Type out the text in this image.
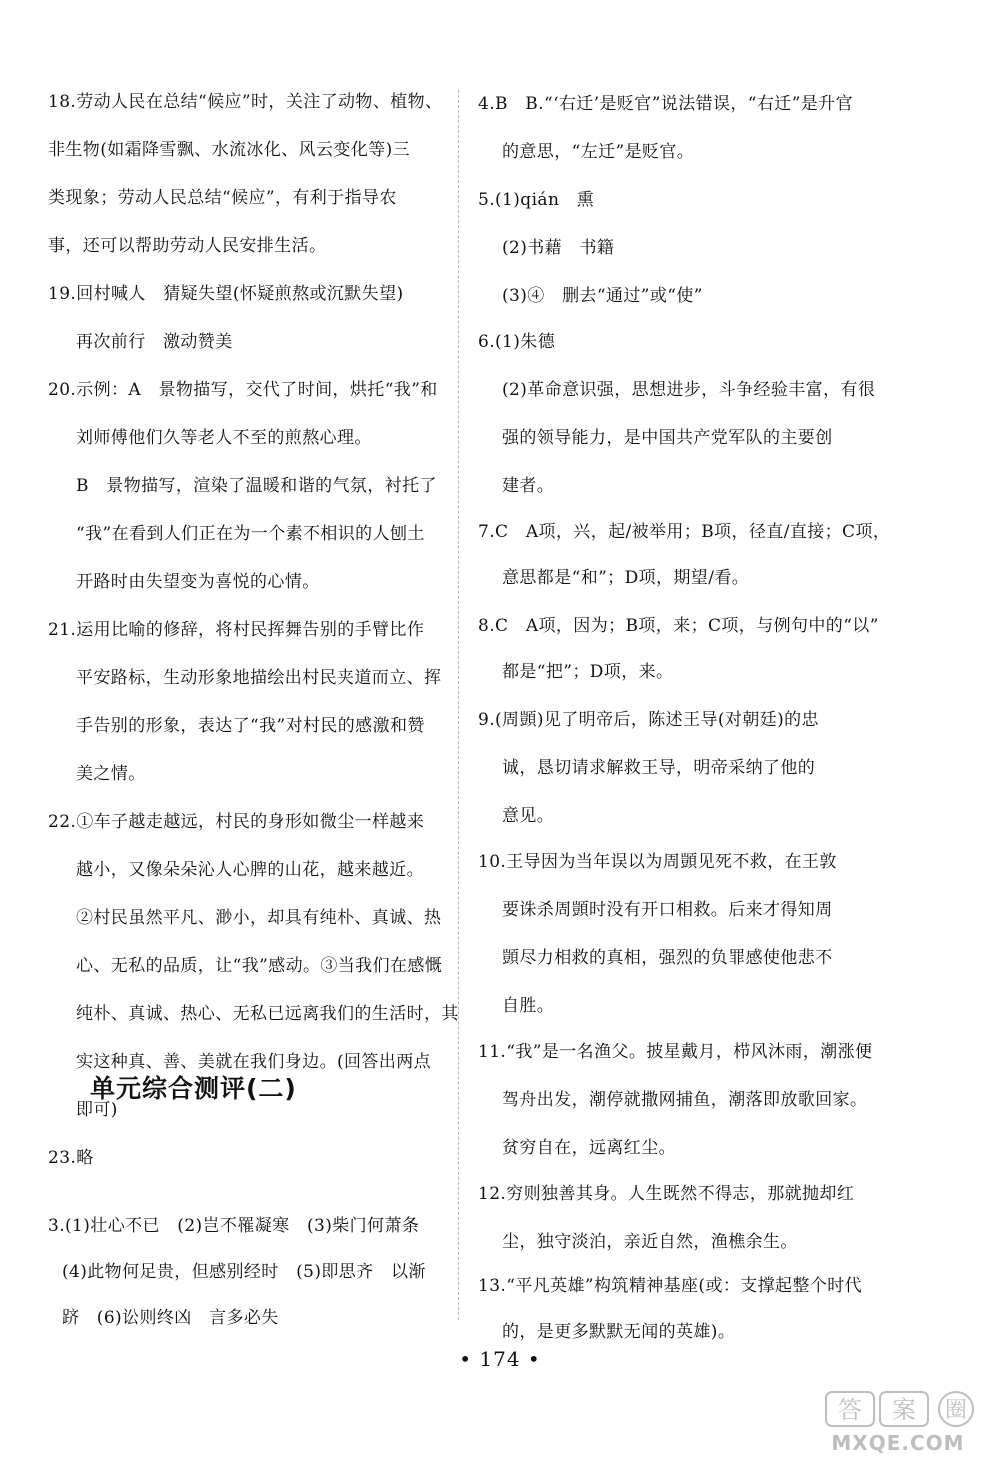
18.劳动人民在总结“候应”时，关注了动物、植物、
非生物(如霜降雪飘、水流冰化、风云变化等)三
类现象；劳动人民总结“候应”，有利于指导农
事，还可以帮助劳动人民安排生活。
19.回村喊人　猜疑失望(怀疑煎熬或沉默失望)
再次前行　激动赞美
20.示例：A　景物描写，交代了时间，烘托“我”和
刘师傅他们久等老人不至的煎熬心理。
B　景物描写，渲染了温暖和谐的气氛，衬托了
“我”在看到人们正在为一个素不相识的人刨土
开路时由失望变为喜悦的心情。
21.运用比喻的修辞，将村民挥舞告别的手臂比作
平安路标，生动形象地描绘出村民夹道而立、挥
手告别的形象，表达了“我”对村民的感激和赞
美之情。
22.①车子越走越远，村民的身形如微尘一样越来
越小，又像朵朵沁人心脾的山花，越来越近。
②村民虽然平凡、渺小，却具有纯朴、真诚、热
心、无私的品质，让“我”感动。③当我们在感慨
纯朴、真诚、热心、无私已远离我们的生活时，其
实这种真、善、美就在我们身边。(回答出两点
即可)
23.略
单元综合测评(二)
3.(1)壮心不已　(2)岂不罹凝寒　(3)柴门何萧条
(4)此物何足贵，但感别经时　(5)即思齐　以渐
跻　(6)讼则终凶　言多必失
4.B　B.“‘右迁’是贬官”说法错误，“右迁”是升官
的意思，“左迁”是贬官。
5.(1)qián　熏
(2)书藉　书籍
(3)④　删去“通过”或“使”
6.(1)朱德
(2)革命意识强，思想进步，斗争经验丰富，有很
强的领导能力，是中国共产党军队的主要创
建者。
7.C　A项，兴，起/被举用；B项，径直/直接；C项，
意思都是“和”；D项，期望/看。
8.C　A项，因为；B项，来；C项，与例句中的“以”
都是“把”；D项，来。
9.(周顗)见了明帝后，陈述王导(对朝廷)的忠
诚，恳切请求解救王导，明帝采纳了他的
意见。
10.王导因为当年误以为周顗见死不救，在王敦
要诛杀周顗时没有开口相救。后来才得知周
顗尽力相救的真相，强烈的负罪感使他悲不
自胜。
11.“我”是一名渔父。披星戴月，栉风沐雨，潮涨便
驾舟出发，潮停就撒网捕鱼，潮落即放歌回家。
贫穷自在，远离红尘。
12.穷则独善其身。人生既然不得志，那就抛却红
尘，独守淡泊，亲近自然，渔樵余生。
13.“平凡英雄”构筑精神基座(或：支撑起整个时代
的，是更多默默无闻的英雄)。
• 174 •
答 案 圈
MXQE.COM
